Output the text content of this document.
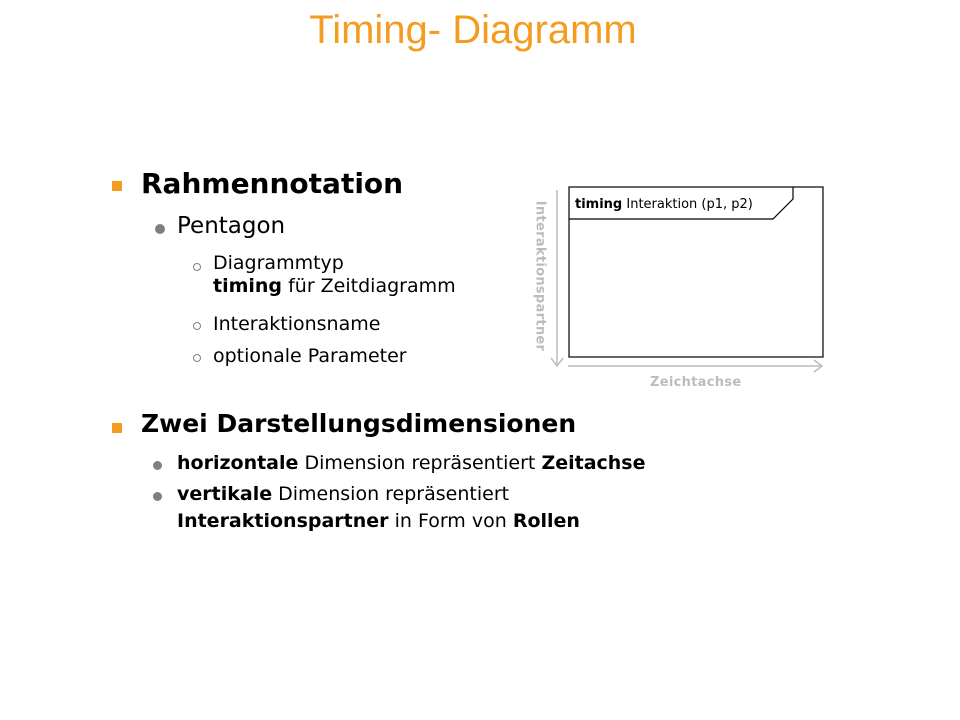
Timing- Diagramm
Rahmennotation
Pentagon
Diagrammtyp
timing für Zeitdiagramm
Interaktionsname
optionale Parameter
Zwei Darstellungsdimensionen
horizontale Dimension repräsentiert Zeitachse
vertikale Dimension repräsentiert
Interaktionspartner in Form von Rollen
timing Interaktion (p1, p2)
Interaktionspartner
Zeichtachse
